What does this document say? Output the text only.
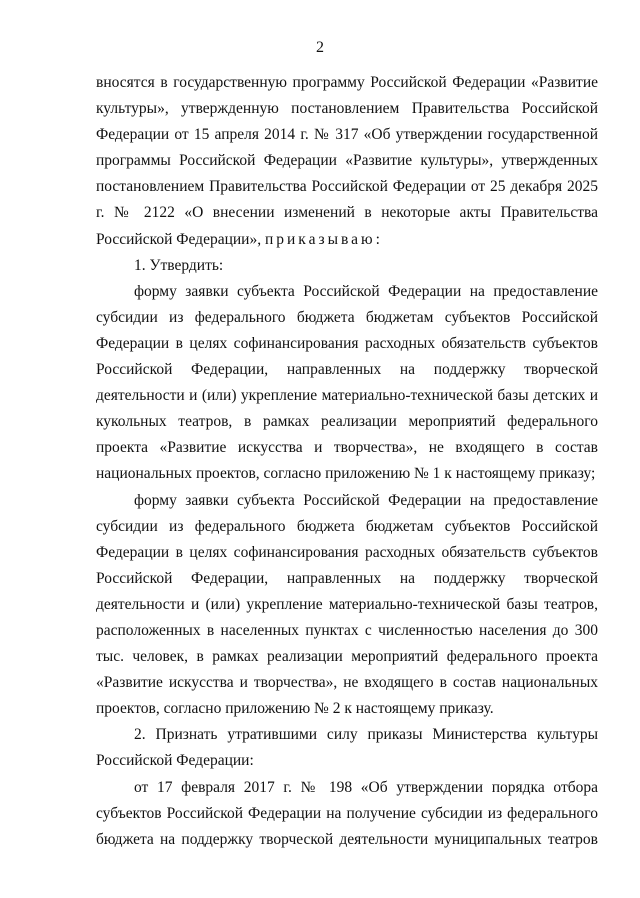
2

вносятся в государственную программу Российской Федерации «Развитие культуры», утвержденную постановлением Правительства Российской Федерации от 15 апреля 2014 г. № 317 «Об утверждении государственной программы Российской Федерации «Развитие культуры», утвержденных постановлением Правительства Российской Федерации от 25 декабря 2025 г. № 2122 «О внесении изменений в некоторые акты Правительства Российской Федерации», приказываю:

1. Утвердить:

форму заявки субъекта Российской Федерации на предоставление субсидии из федерального бюджета бюджетам субъектов Российской Федерации в целях софинансирования расходных обязательств субъектов Российской Федерации, направленных на поддержку творческой деятельности и (или) укрепление материально-технической базы детских и кукольных театров, в рамках реализации мероприятий федерального проекта «Развитие искусства и творчества», не входящего в состав национальных проектов, согласно приложению № 1 к настоящему приказу;

форму заявки субъекта Российской Федерации на предоставление субсидии из федерального бюджета бюджетам субъектов Российской Федерации в целях софинансирования расходных обязательств субъектов Российской Федерации, направленных на поддержку творческой деятельности и (или) укрепление материально-технической базы театров, расположенных в населенных пунктах с численностью населения до 300 тыс. человек, в рамках реализации мероприятий федерального проекта «Развитие искусства и творчества», не входящего в состав национальных проектов, согласно приложению № 2 к настоящему приказу.

2. Признать утратившими силу приказы Министерства культуры Российской Федерации:

от 17 февраля 2017 г. № 198 «Об утверждении порядка отбора субъектов Российской Федерации на получение субсидии из федерального бюджета на поддержку творческой деятельности муниципальных театров
